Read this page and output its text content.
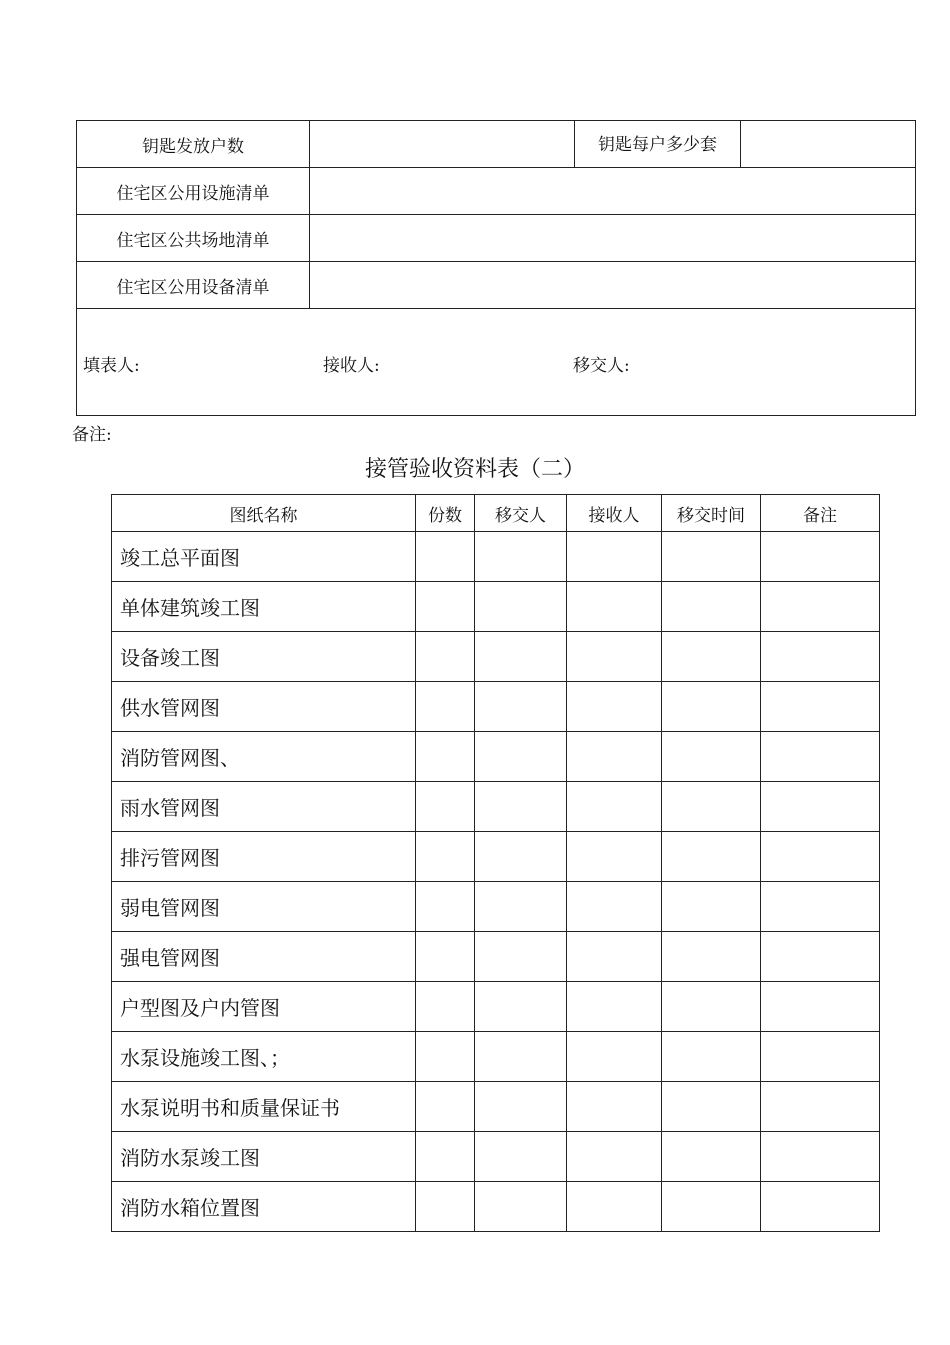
钥匙发放户数		钥匙每户多少套	
住宅区公用设施清单			
住宅区公共场地清单			
住宅区公用设备清单			

填表人: 接收人: 移交人:			
备注:
接管验收资料表（二）
图纸名称	份数	移交人	接收人	移交时间	备注
竣工总平面图					
单体建筑竣工图					
设备竣工图					
供水管网图					
消防管网图、					
雨水管网图					
排污管网图					
弱电管网图					
强电管网图					
户型图及户内管图					
水泵设施竣工图、；					
水泵说明书和质量保证书					
消防水泵竣工图					
消防水箱位置图					
